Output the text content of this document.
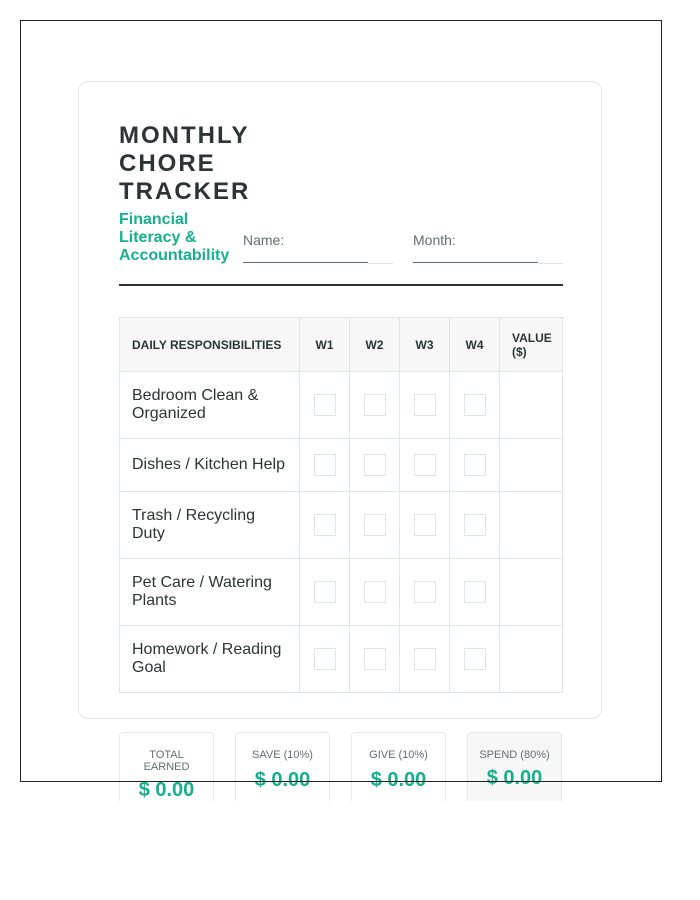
MONTHLY CHORE TRACKER
Financial Literacy & Accountability
Name:	Month:
DAILY RESPONSIBILITIES	W1	W2	W3	W4	VALUE ($)
Bedroom Clean & Organized					
Dishes / Kitchen Help					
Trash / Recycling Duty					
Pet Care / Watering Plants					
Homework / Reading Goal					
TOTAL EARNED
$ 0.00
SAVE (10%)
$ 0.00
GIVE (10%)
$ 0.00
SPEND (80%)
$ 0.00
